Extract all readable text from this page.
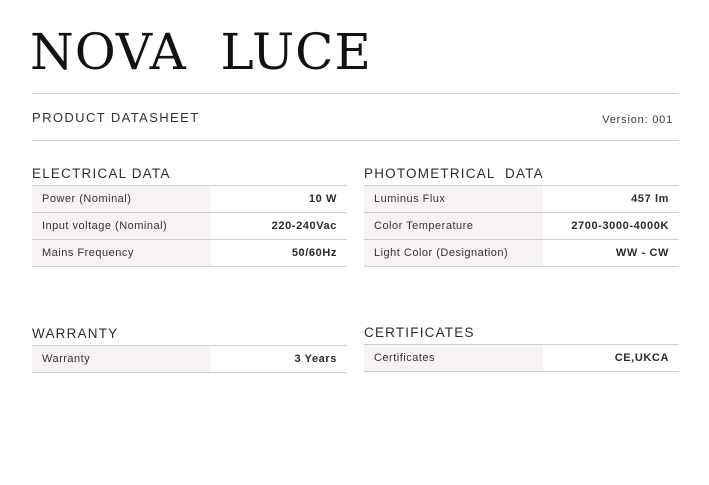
NOVA  LUCE
PRODUCT DATASHEET	Version: 001
ELECTRICAL DATA
Power (Nominal)	10 W
Input voltage (Nominal)	220-240Vac
Mains Frequency	50/60Hz
PHOTOMETRICAL  DATA
Luminus Flux	457 lm
Color Temperature	2700-3000-4000K
Light Color (Designation)	WW - CW
WARRANTY
Warranty	3 Years
CERTIFICATES
Certificates	CE,UKCA
